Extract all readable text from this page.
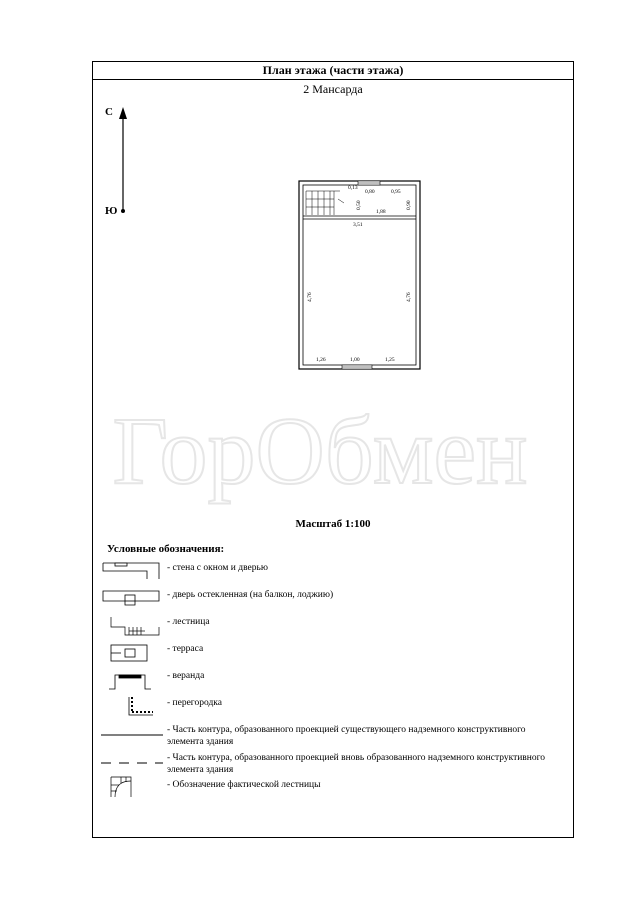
ГорОбмен
План этажа (части этажа)
2 Мансарда
С
Ю
0,13
0,80	0,95
0,50	0,90
1,88
3,51
4,76	4,76
1,26	1,00	1,25
Масштаб 1:100
Условные обозначения:
- стена с окном и дверью
- дверь остекленная (на балкон, лоджию)
- лестница
- терраса
- веранда
- перегородка
- Часть контура, образованного проекцией существующего надземного конструктивного элемента здания
- Часть контура, образованного проекцией вновь образованного надземного конструктивного элемента здания
- Обозначение фактической лестницы
